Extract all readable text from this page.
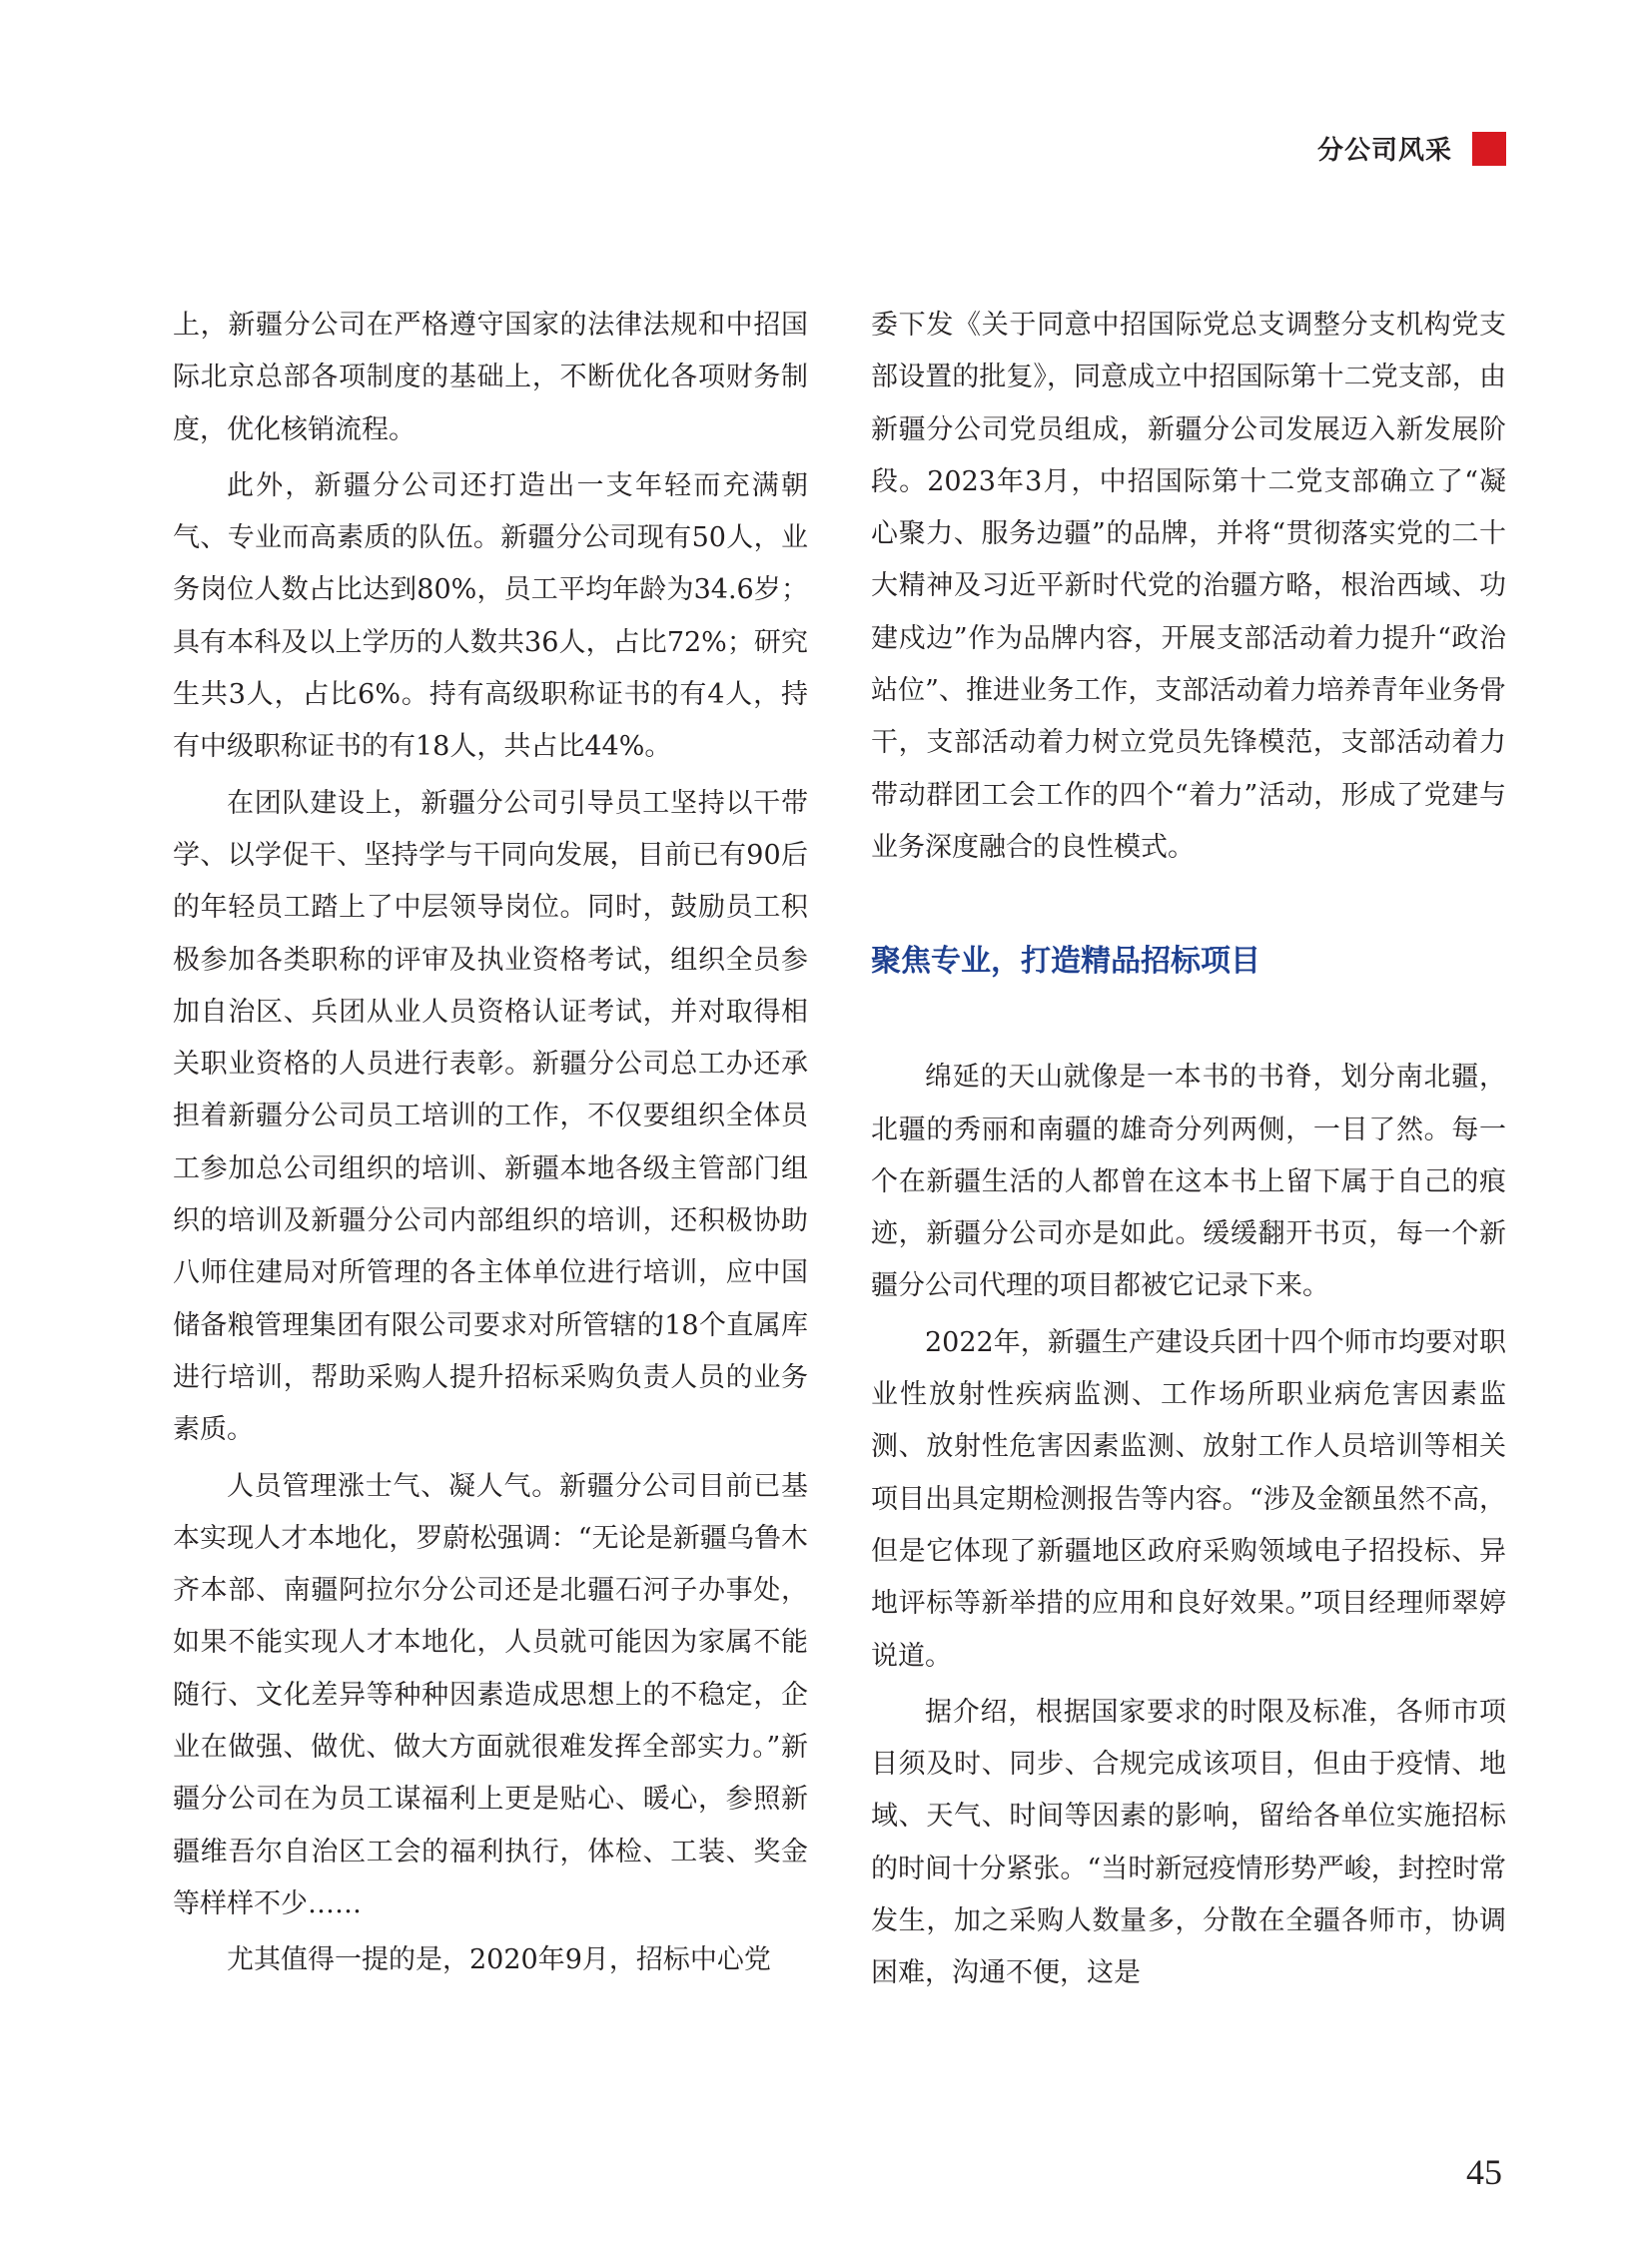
分公司风采

上，新疆分公司在严格遵守国家的法律法规和中招国际北京总部各项制度的基础上，不断优化各项财务制度，优化核销流程。

此外，新疆分公司还打造出一支年轻而充满朝气、专业而高素质的队伍。新疆分公司现有50人，业务岗位人数占比达到80%，员工平均年龄为34.6岁；具有本科及以上学历的人数共36人，占比72%；研究生共3人，占比6%。持有高级职称证书的有4人，持有中级职称证书的有18人，共占比44%。

在团队建设上，新疆分公司引导员工坚持以干带学、以学促干、坚持学与干同向发展，目前已有90后的年轻员工踏上了中层领导岗位。同时，鼓励员工积极参加各类职称的评审及执业资格考试，组织全员参加自治区、兵团从业人员资格认证考试，并对取得相关职业资格的人员进行表彰。新疆分公司总工办还承担着新疆分公司员工培训的工作，不仅要组织全体员工参加总公司组织的培训、新疆本地各级主管部门组织的培训及新疆分公司内部组织的培训，还积极协助八师住建局对所管理的各主体单位进行培训，应中国储备粮管理集团有限公司要求对所管辖的18个直属库进行培训，帮助采购人提升招标采购负责人员的业务素质。

人员管理涨士气、凝人气。新疆分公司目前已基本实现人才本地化，罗蔚松强调：“无论是新疆乌鲁木齐本部、南疆阿拉尔分公司还是北疆石河子办事处，如果不能实现人才本地化，人员就可能因为家属不能随行、文化差异等种种因素造成思想上的不稳定，企业在做强、做优、做大方面就很难发挥全部实力。”新疆分公司在为员工谋福利上更是贴心、暖心，参照新疆维吾尔自治区工会的福利执行，体检、工装、奖金等样样不少……

尤其值得一提的是，2020年9月，招标中心党

委下发《关于同意中招国际党总支调整分支机构党支部设置的批复》，同意成立中招国际第十二党支部，由新疆分公司党员组成，新疆分公司发展迈入新发展阶段。2023年3月，中招国际第十二党支部确立了“凝心聚力、服务边疆”的品牌，并将“贯彻落实党的二十大精神及习近平新时代党的治疆方略，根治西域、功建戍边”作为品牌内容，开展支部活动着力提升“政治站位”、推进业务工作，支部活动着力培养青年业务骨干，支部活动着力树立党员先锋模范，支部活动着力带动群团工会工作的四个“着力”活动，形成了党建与业务深度融合的良性模式。

聚焦专业，打造精品招标项目

绵延的天山就像是一本书的书脊，划分南北疆，北疆的秀丽和南疆的雄奇分列两侧，一目了然。每一个在新疆生活的人都曾在这本书上留下属于自己的痕迹，新疆分公司亦是如此。缓缓翻开书页，每一个新疆分公司代理的项目都被它记录下来。

2022年，新疆生产建设兵团十四个师市均要对职业性放射性疾病监测、工作场所职业病危害因素监测、放射性危害因素监测、放射工作人员培训等相关项目出具定期检测报告等内容。“涉及金额虽然不高，但是它体现了新疆地区政府采购领域电子招投标、异地评标等新举措的应用和良好效果。”项目经理师翠婷说道。

据介绍，根据国家要求的时限及标准，各师市项目须及时、同步、合规完成该项目，但由于疫情、地域、天气、时间等因素的影响，留给各单位实施招标的时间十分紧张。“当时新冠疫情形势严峻，封控时常发生，加之采购人数量多，分散在全疆各师市，协调困难，沟通不便，这是

45
